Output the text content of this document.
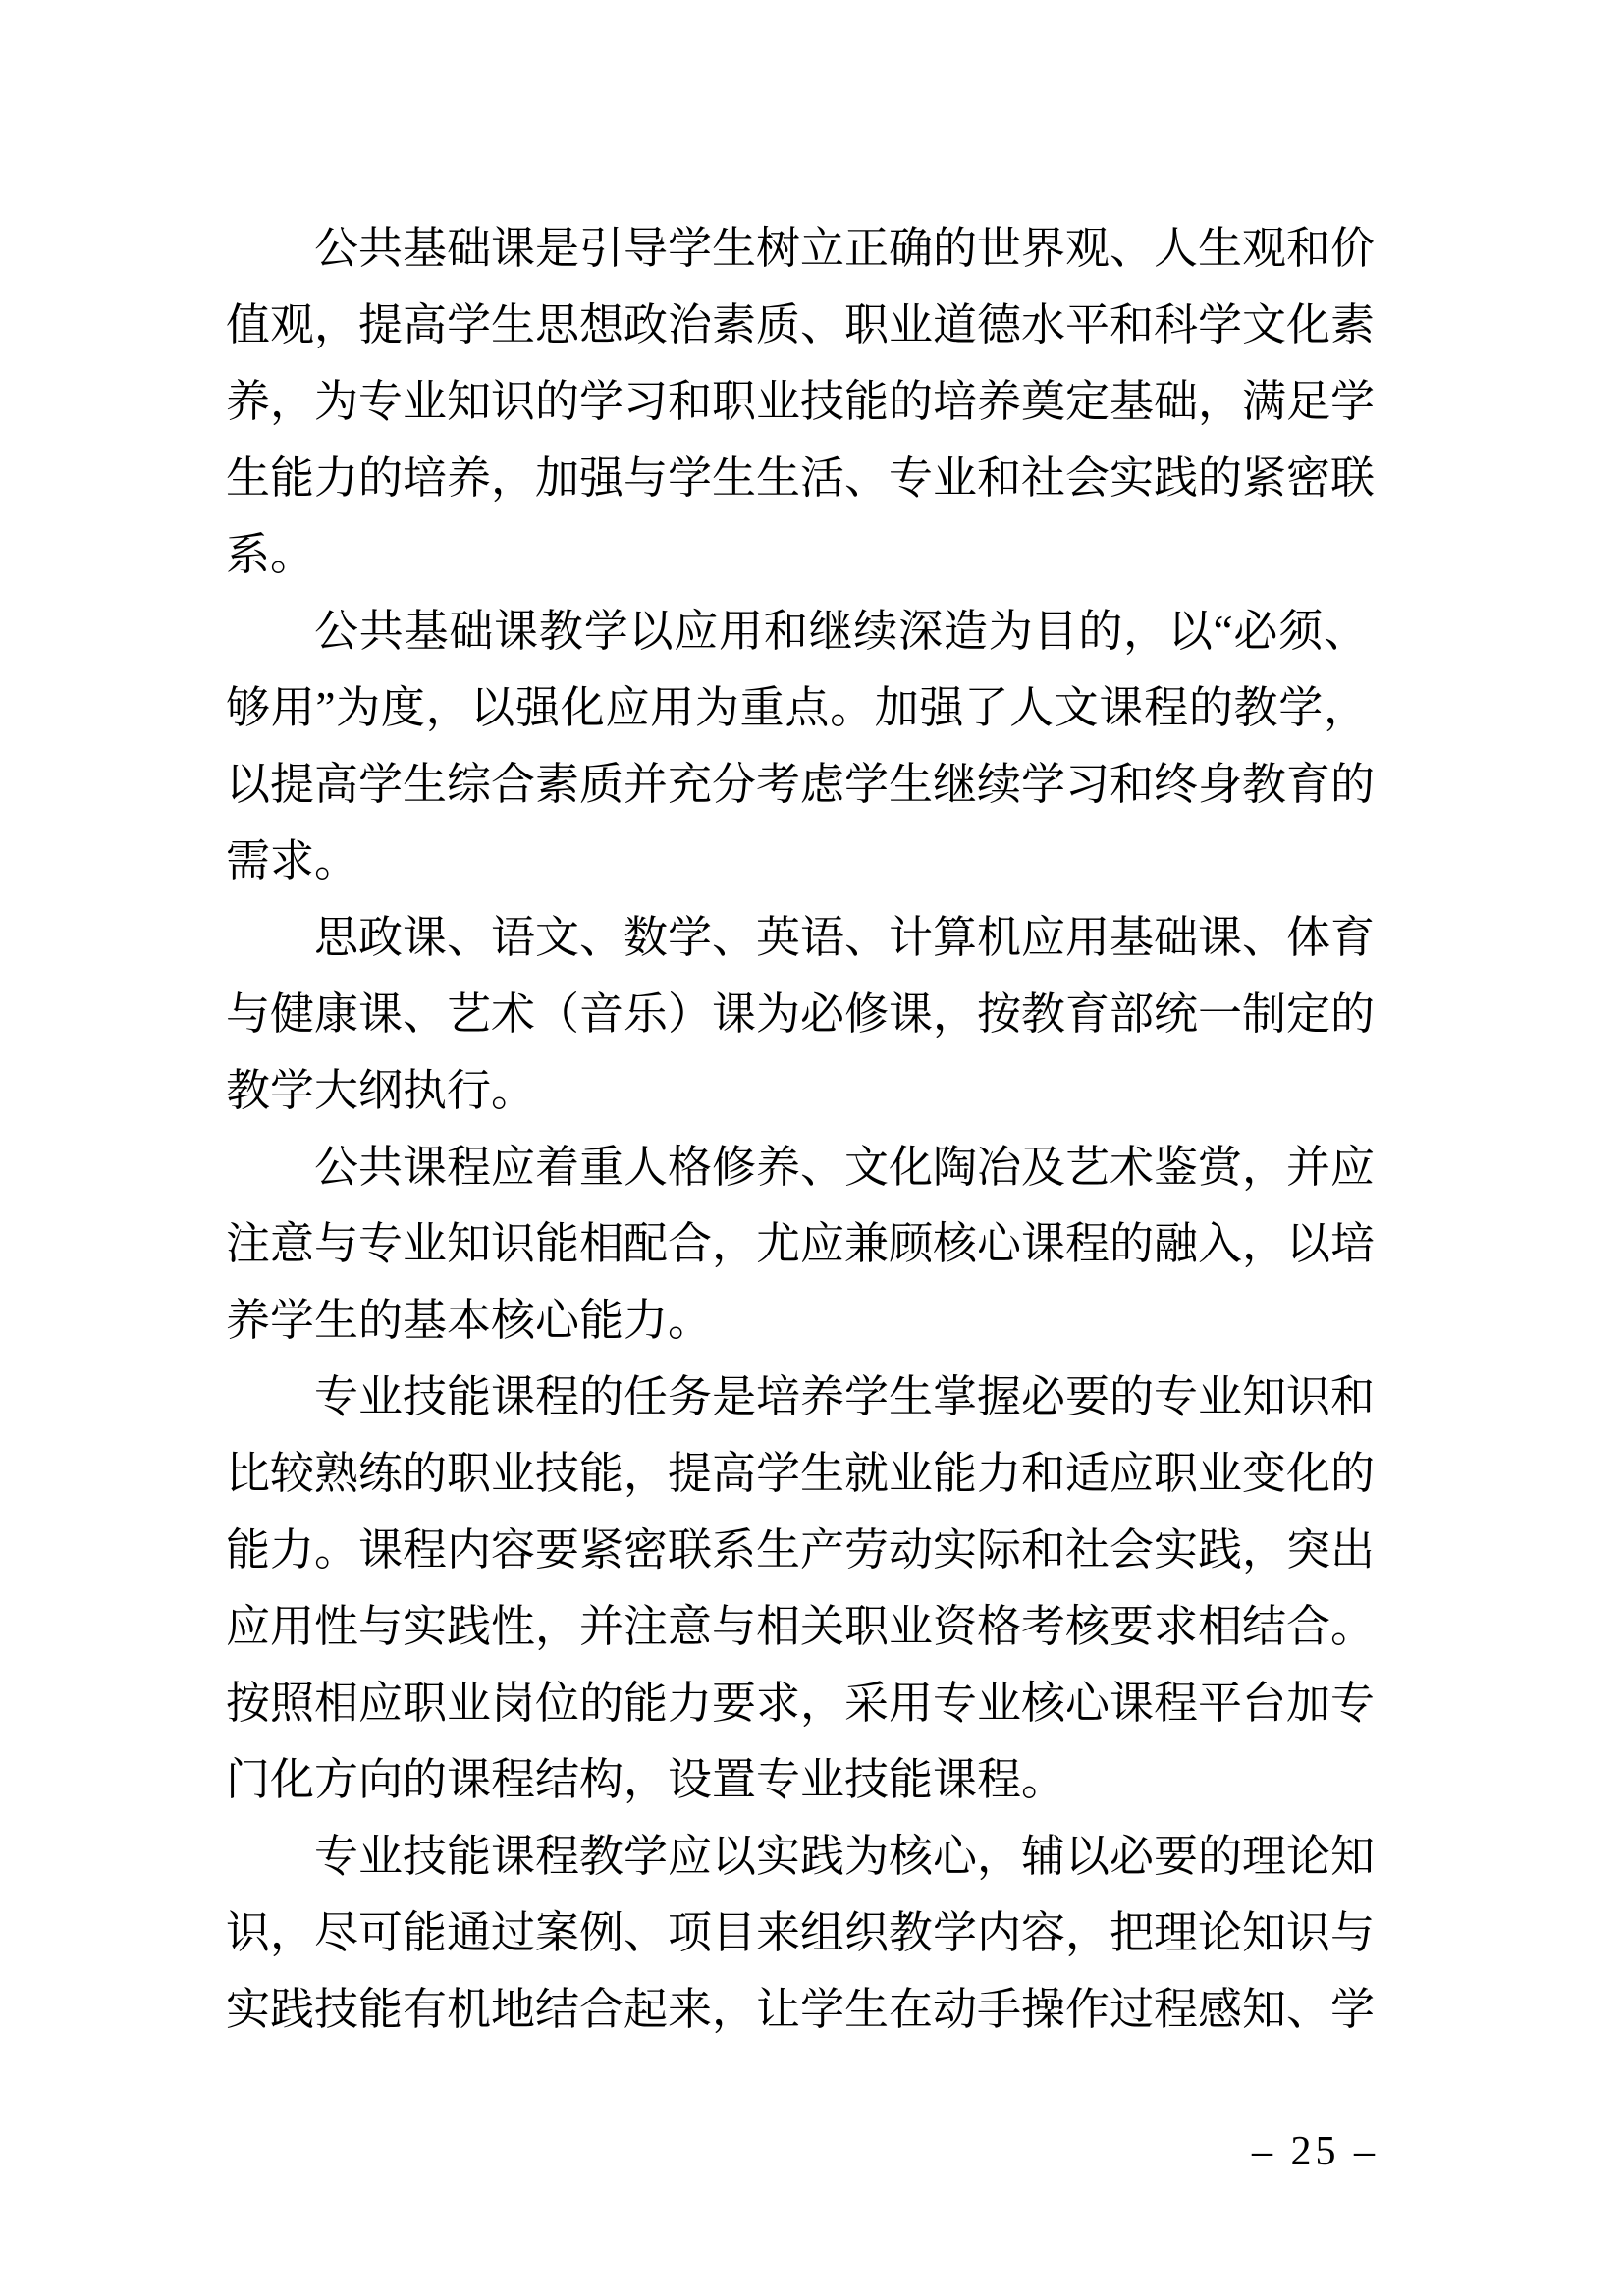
公共基础课是引导学生树立正确的世界观、人生观和价
值观，提高学生思想政治素质、职业道德水平和科学文化素
养，为专业知识的学习和职业技能的培养奠定基础，满足学
生能力的培养，加强与学生生活、专业和社会实践的紧密联
系。
公共基础课教学以应用和继续深造为目的，以“必须、
够用”为度，以强化应用为重点。加强了人文课程的教学，
以提高学生综合素质并充分考虑学生继续学习和终身教育的
需求。
思政课、语文、数学、英语、计算机应用基础课、体育
与健康课、艺术（音乐）课为必修课，按教育部统一制定的
教学大纲执行。
公共课程应着重人格修养、文化陶冶及艺术鉴赏，并应
注意与专业知识能相配合，尤应兼顾核心课程的融入，以培
养学生的基本核心能力。
专业技能课程的任务是培养学生掌握必要的专业知识和
比较熟练的职业技能，提高学生就业能力和适应职业变化的
能力。课程内容要紧密联系生产劳动实际和社会实践，突出
应用性与实践性，并注意与相关职业资格考核要求相结合。
按照相应职业岗位的能力要求，采用专业核心课程平台加专
门化方向的课程结构，设置专业技能课程。
专业技能课程教学应以实践为核心，辅以必要的理论知
识，尽可能通过案例、项目来组织教学内容，把理论知识与
实践技能有机地结合起来，让学生在动手操作过程感知、学
– 25 –
